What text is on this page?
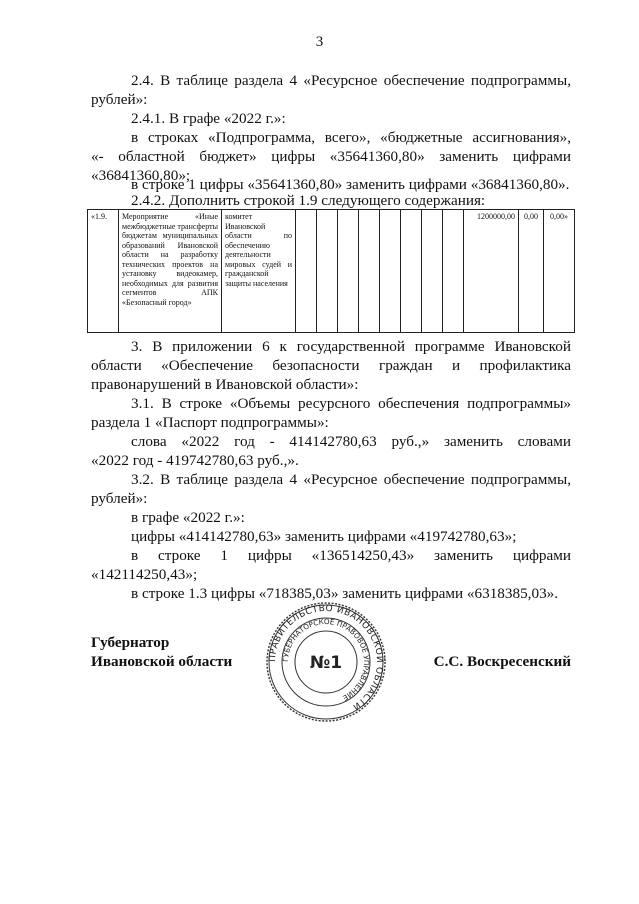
3
2.4. В таблице раздела 4 «Ресурсное обеспечение подпрограммы,
рублей»:
2.4.1. В графе «2022 г.»:
в строках «Подпрограмма, всего», «бюджетные ассигнования»,
«- областной бюджет» цифры «35641360,80» заменить цифрами
«36841360,80»;
в строке 1 цифры «35641360,80» заменить цифрами «36841360,80».
2.4.2. Дополнить строкой 1.9 следующего содержания:
«1.9.	Мероприятие «Иные межбюджетные трансферты бюджетам муниципальных образований Ивановской области на разработку технических проектов на установку видеокамер, необходимых для развития сегментов АПК «Безопасный город»	комитет Ивановской области по обеспечению деятельности мировых судей и гражданской защиты населения									1200000,00	0,00	0,00»
3. В приложении 6 к государственной программе Ивановской
области «Обеспечение безопасности граждан и профилактика
правонарушений в Ивановской области»:
3.1. В строке «Объемы ресурсного обеспечения подпрограммы»
раздела 1 «Паспорт подпрограммы»:
слова «2022 год - 414142780,63 руб.,» заменить словами
«2022 год - 419742780,63 руб.,».
3.2. В таблице раздела 4 «Ресурсное обеспечение подпрограммы,
рублей»:
в графе «2022 г.»:
цифры «414142780,63» заменить цифрами «419742780,63»;
в строке 1 цифры «136514250,43» заменить цифрами
«142114250,43»;
в строке 1.3 цифры «718385,03» заменить цифрами «6318385,03».
Губернатор
Ивановской области	ПРАВИТЕЛЬСТВО ИВАНОВСКОЙ ОБЛАСТИ
ГУБЕРНАТОРСКОЕ ПРАВОВОЕ УПРАВЛЕНИЕ
№1	С.С. Воскресенский
